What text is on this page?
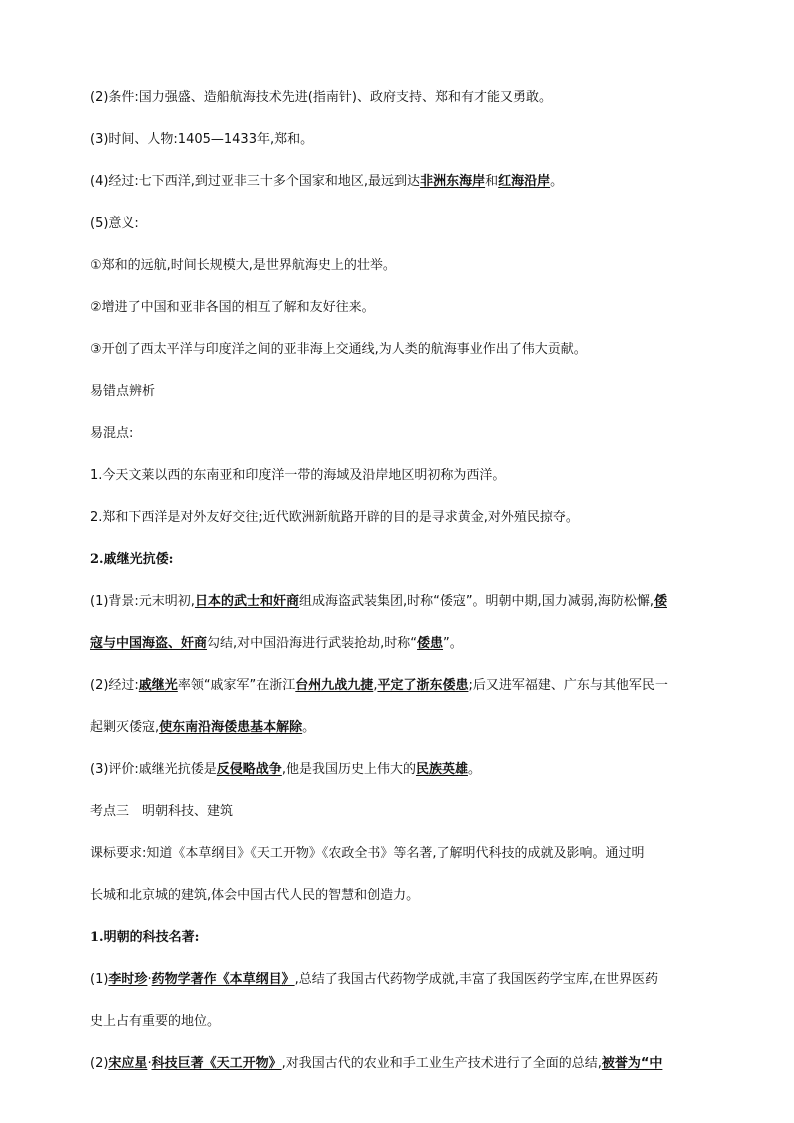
(2)条件:国力强盛、造船航海技术先进(指南针)、政府支持、郑和有才能又勇敢。
(3)时间、人物:1405—1433年,郑和。
(4)经过:七下西洋,到过亚非三十多个国家和地区,最远到达非洲东海岸和红海沿岸。
(5)意义:
①郑和的远航,时间长规模大,是世界航海史上的壮举。
②增进了中国和亚非各国的相互了解和友好往来。
③开创了西太平洋与印度洋之间的亚非海上交通线,为人类的航海事业作出了伟大贡献。
易错点辨析
易混点:
1.今天文莱以西的东南亚和印度洋一带的海域及沿岸地区明初称为西洋。
2.郑和下西洋是对外友好交往;近代欧洲新航路开辟的目的是寻求黄金,对外殖民掠夺。
2.戚继光抗倭:
(1)背景:元末明初,日本的武士和奸商组成海盗武装集团,时称“倭寇”。明朝中期,国力减弱,海防松懈,倭
寇与中国海盗、奸商勾结,对中国沿海进行武装抢劫,时称“倭患”。
(2)经过:戚继光率领“戚家军”在浙江台州九战九捷,平定了浙东倭患;后又进军福建、广东与其他军民一
起剿灭倭寇,使东南沿海倭患基本解除。
(3)评价:戚继光抗倭是反侵略战争,他是我国历史上伟大的民族英雄。
考点三　明朝科技、建筑
课标要求:知道《本草纲目》《天工开物》《农政全书》等名著,了解明代科技的成就及影响。通过明
长城和北京城的建筑,体会中国古代人民的智慧和创造力。
1.明朝的科技名著:
(1)李时珍·药物学著作《本草纲目》,总结了我国古代药物学成就,丰富了我国医药学宝库,在世界医药
史上占有重要的地位。
(2)宋应星·科技巨著《天工开物》,对我国古代的农业和手工业生产技术进行了全面的总结,被誉为“中
